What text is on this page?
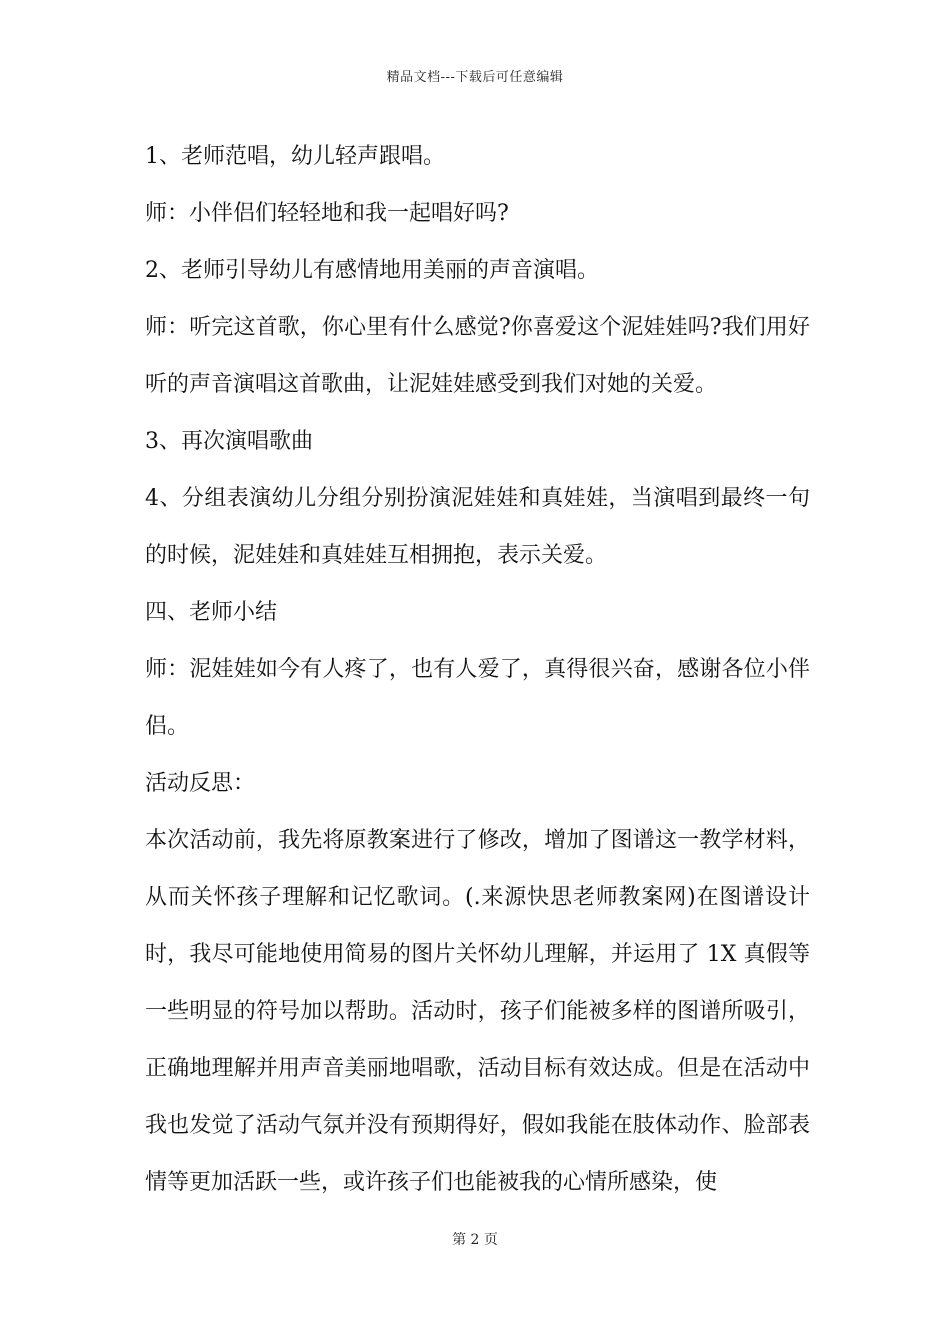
精品文档---下载后可任意编辑

1、老师范唱，幼儿轻声跟唱。

师：小伴侣们轻轻地和我一起唱好吗?

2、老师引导幼儿有感情地用美丽的声音演唱。

师：听完这首歌，你心里有什么感觉?你喜爱这个泥娃娃吗?我们用好听的声音演唱这首歌曲，让泥娃娃感受到我们对她的关爱。

3、再次演唱歌曲

4、分组表演幼儿分组分别扮演泥娃娃和真娃娃，当演唱到最终一句的时候，泥娃娃和真娃娃互相拥抱，表示关爱。

四、老师小结

师：泥娃娃如今有人疼了，也有人爱了，真得很兴奋，感谢各位小伴侣。

活动反思：

本次活动前，我先将原教案进行了修改，增加了图谱这一教学材料，从而关怀孩子理解和记忆歌词。(.来源快思老师教案网)在图谱设计时，我尽可能地使用简易的图片关怀幼儿理解，并运用了 1X 真假等一些明显的符号加以帮助。活动时，孩子们能被多样的图谱所吸引，正确地理解并用声音美丽地唱歌，活动目标有效达成。但是在活动中我也发觉了活动气氛并没有预期得好，假如我能在肢体动作、脸部表情等更加活跃一些，或许孩子们也能被我的心情所感染，使

第 2 页
